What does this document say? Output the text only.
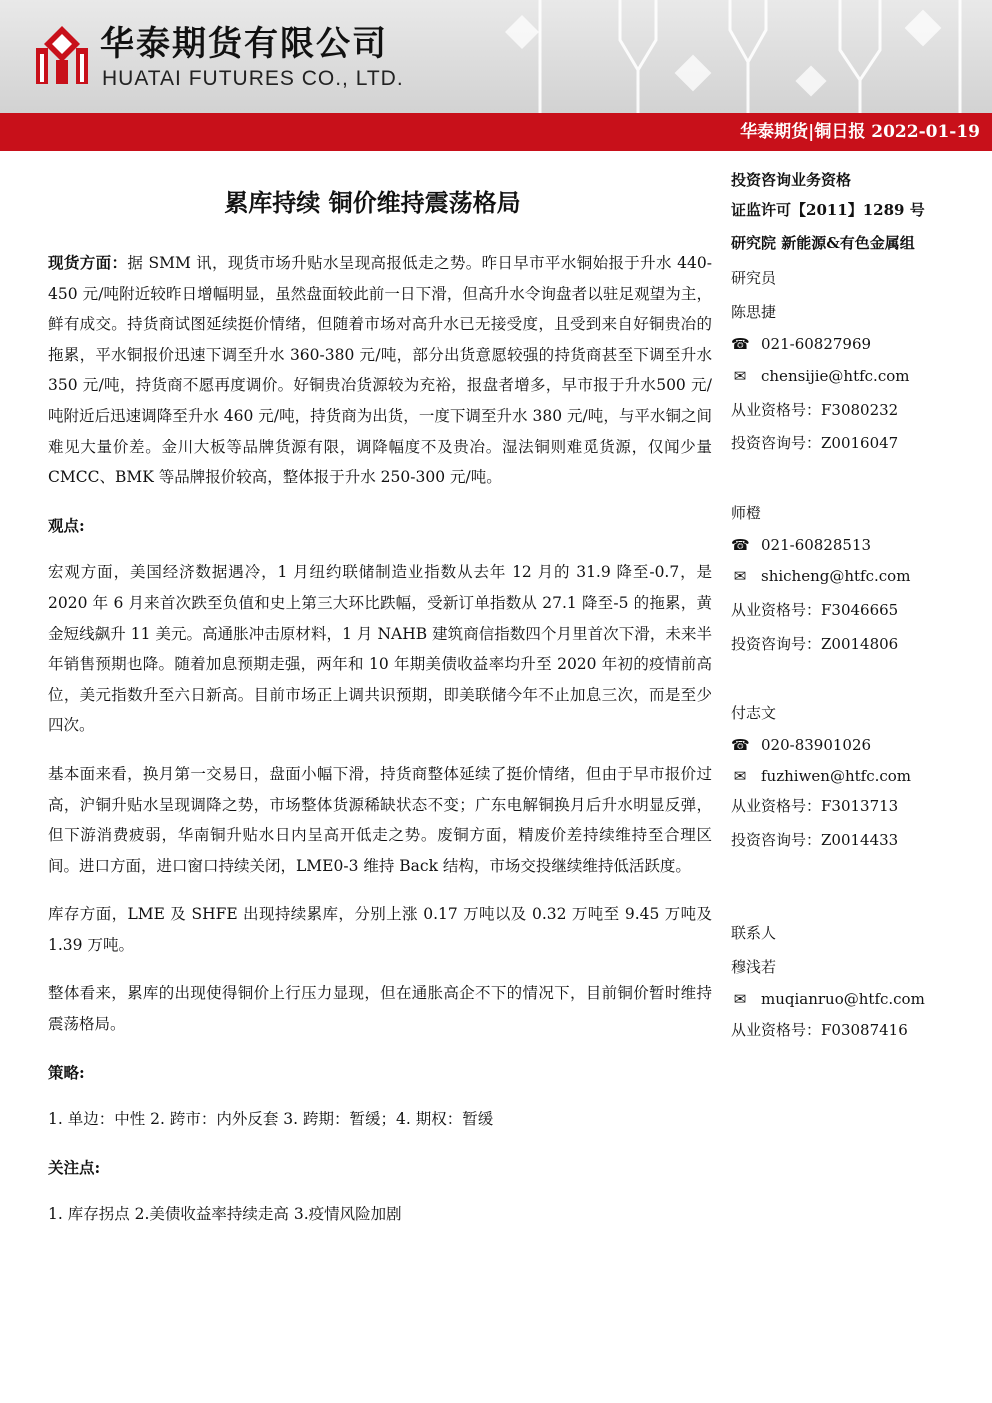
华泰期货有限公司
HUATAI FUTURES CO., LTD.
华泰期货|铜日报 2022-01-19
累库持续 铜价维持震荡格局

现货方面：据 SMM 讯，现货市场升贴水呈现高报低走之势。昨日早市平水铜始报于升水 440-450 元/吨附近较昨日增幅明显，虽然盘面较此前一日下滑，但高升水令询盘者以驻足观望为主，鲜有成交。持货商试图延续挺价情绪，但随着市场对高升水已无接受度，且受到来自好铜贵冶的拖累，平水铜报价迅速下调至升水 360-380 元/吨，部分出货意愿较强的持货商甚至下调至升水 350 元/吨，持货商不愿再度调价。好铜贵冶货源较为充裕，报盘者增多，早市报于升水500 元/吨附近后迅速调降至升水 460 元/吨，持货商为出货，一度下调至升水 380 元/吨，与平水铜之间难见大量价差。金川大板等品牌货源有限，调降幅度不及贵冶。湿法铜则难觅货源，仅闻少量 CMCC、BMK 等品牌报价较高，整体报于升水 250-300 元/吨。

观点:

宏观方面，美国经济数据遇冷，1 月纽约联储制造业指数从去年 12 月的 31.9 降至-0.7，是 2020 年 6 月来首次跌至负值和史上第三大环比跌幅，受新订单指数从 27.1 降至-5 的拖累，黄金短线飙升 11 美元。高通胀冲击原材料，1 月 NAHB 建筑商信指数四个月里首次下滑，未来半年销售预期也降。随着加息预期走强，两年和 10 年期美债收益率均升至 2020 年初的疫情前高位，美元指数升至六日新高。目前市场正上调共识预期，即美联储今年不止加息三次，而是至少四次。

基本面来看，换月第一交易日，盘面小幅下滑，持货商整体延续了挺价情绪，但由于早市报价过高，沪铜升贴水呈现调降之势，市场整体货源稀缺状态不变；广东电解铜换月后升水明显反弹，但下游消费疲弱，华南铜升贴水日内呈高开低走之势。废铜方面，精废价差持续维持至合理区间。进口方面，进口窗口持续关闭，LME0-3 维持 Back 结构，市场交投继续维持低活跃度。

库存方面，LME 及 SHFE 出现持续累库，分别上涨 0.17 万吨以及 0.32 万吨至 9.45 万吨及 1.39 万吨。

整体看来，累库的出现使得铜价上行压力显现，但在通胀高企不下的情况下，目前铜价暂时维持震荡格局。

策略:

1. 单边：中性 2. 跨市：内外反套 3. 跨期：暂缓；4. 期权：暂缓

关注点:

1. 库存拐点 2.美债收益率持续走高 3.疫情风险加剧

投资咨询业务资格
证监许可【2011】1289 号
研究院 新能源&有色金属组
研究员
陈思捷
☎ 021-60827969
✉ chensijie@htfc.com
从业资格号：F3080232
投资咨询号：Z0016047
师橙
☎ 021-60828513
✉ shicheng@htfc.com
从业资格号：F3046665
投资咨询号：Z0014806
付志文
☎ 020-83901026
✉ fuzhiwen@htfc.com
从业资格号：F3013713
投资咨询号：Z0014433
联系人
穆浅若
✉ muqianruo@htfc.com
从业资格号：F03087416
